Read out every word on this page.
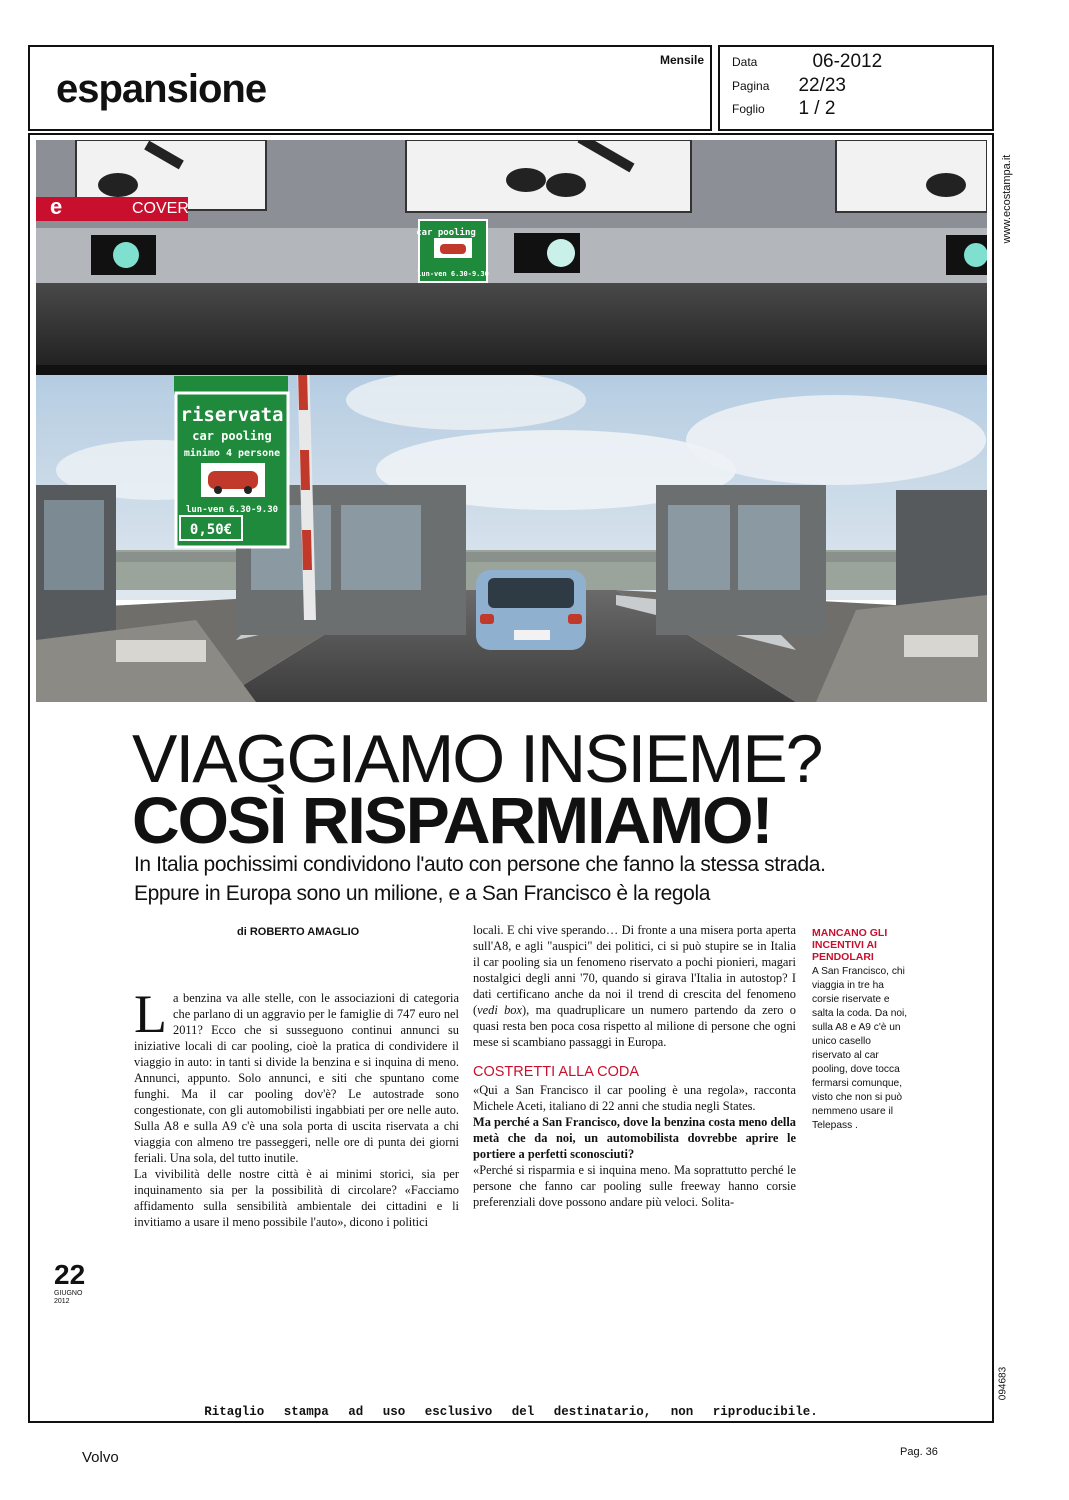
espansione
Mensile Data	06-2012
Pagina 22/23
Foglio 1 / 2
www.ecostampa.it
094683
car pooling
lun-ven 6.30-9.30
riservata
car pooling
minimo 4 persone
lun-ven 6.30-9.30
0,50€
e	COVER
VIAGGIAMO INSIEME?
COSÌ RISPARMIAMO!
In Italia pochissimi condividono l'auto con persone che fanno la stessa strada. Eppure in Europa sono un milione, e a San Francisco è la regola
di ROBERTO AMAGLIO

La benzina va alle stelle, con le associazioni di categoria che parlano di un aggravio per le famiglie di 747 euro nel 2011? Ecco che si susseguono continui annunci su iniziative locali di car pooling, cioè la pratica di condividere il viaggio in auto: in tanti si divide la benzina e si inquina di meno. Annunci, appunto. Solo annunci, e siti che spuntano come funghi. Ma il car pooling dov'è? Le autostrade sono congestionate, con gli automobilisti ingabbiati per ore nelle auto. Sulla A8 e sulla A9 c'è una sola porta di uscita riservata a chi viaggia con almeno tre passeggeri, nelle ore di punta dei giorni feriali. Una sola, del tutto inutile.

La vivibilità delle nostre città è ai minimi storici, sia per inquinamento sia per la possibilità di circolare? «Facciamo affidamento sulla sensibilità ambientale dei cittadini e li invitiamo a usare il meno possibile l'auto», dicono i politici

locali. E chi vive sperando… Di fronte a una misera porta aperta sull'A8, e agli "auspici" dei politici, ci si può stupire se in Italia il car pooling sia un fenomeno riservato a pochi pionieri, magari nostalgici degli anni '70, quando si girava l'Italia in autostop? I dati certificano anche da noi il trend di crescita del fenomeno (vedi box), ma quadruplicare un numero partendo da zero o quasi resta ben poca cosa rispetto al milione di persone che ogni mese si scambiano passaggi in Europa.

COSTRETTI ALLA CODA

«Qui a San Francisco il car pooling è una regola», racconta Michele Aceti, italiano di 22 anni che studia negli States.

Ma perché a San Francisco, dove la benzina costa meno della metà che da noi, un automobilista dovrebbe aprire le portiere a perfetti sconosciuti?

«Perché si risparmia e si inquina meno. Ma soprattutto perché le persone che fanno car pooling sulle freeway hanno corsie preferenziali dove possono andare più veloci. Solita-

MANCANO GLI INCENTIVI AI PENDOLARI
A San Francisco, chi viaggia in tre ha corsie riservate e salta la coda. Da noi, sulla A8 e A9 c'è un unico casello riservato al car pooling, dove tocca fermarsi comunque, visto che non si può nemmeno usare il Telepass .
22
GIUGNO
2012
Ritaglio stampa ad uso esclusivo del destinatario, non riproducibile.
Volvo	Pag. 36
